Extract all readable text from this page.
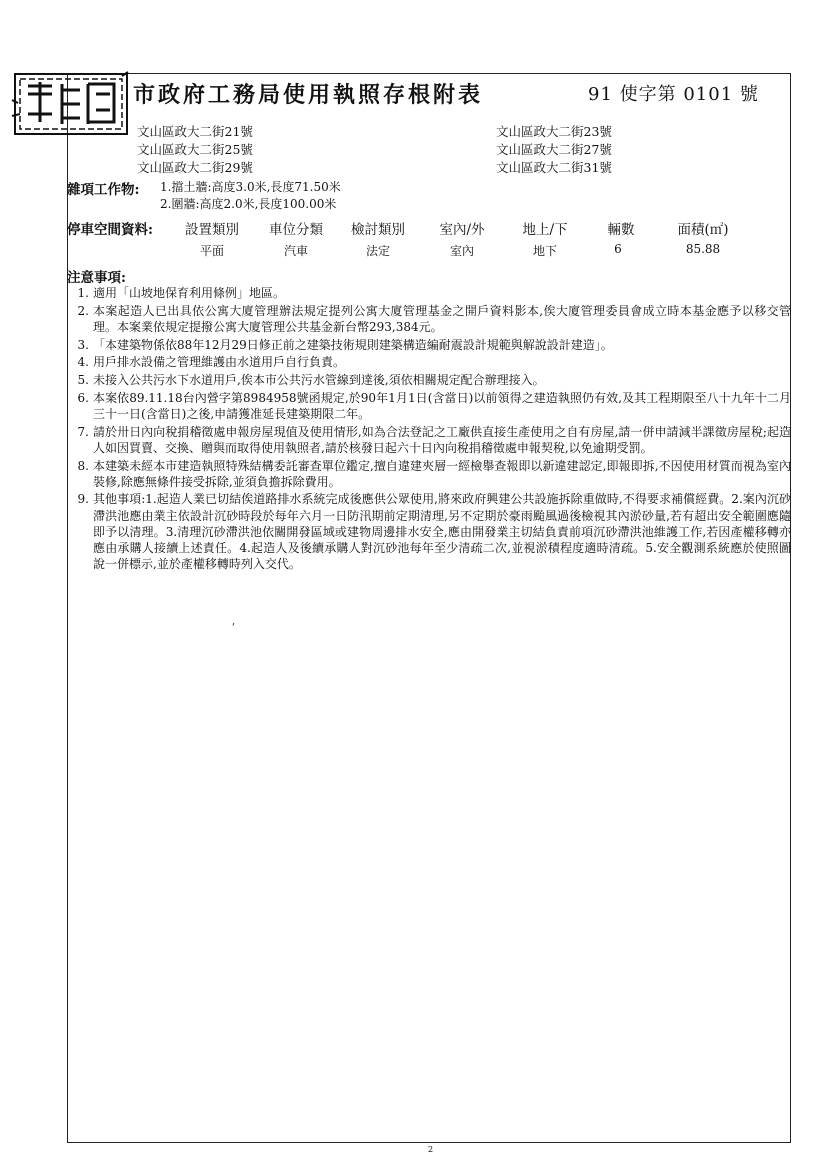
市政府工務局使用執照存根附表	91 使字第 0101 號
文山區政大二街21號
文山區政大二街25號
文山區政大二街29號
文山區政大二街23號
文山區政大二街27號
文山區政大二街31號
雜項工作物: 1.擋土牆:高度3.0米,長度71.50米
2.圍牆:高度2.0米,長度100.00米
停車空間資料: 設置類別 車位分類 檢討類別	室內/外	地上/下	輛數	面積(㎡)
平面	汽車	法定	室內	地下	6	85.88
注意事項:
1. 適用「山坡地保育利用條例」地區。
2. 本案起造人已出具依公寓大廈管理辦法規定提列公寓大廈管理基金之開戶資料影本,俟大廈管理委員會成立時本基金應予以移交管理。本案業依規定提撥公寓大廈管理公共基金新台幣293,384元。
3. 「本建築物係依88年12月29日修正前之建築技術規則建築構造編耐震設計規範與解說設計建造」。
4. 用戶排水設備之管理維護由水道用戶自行負責。
5. 未接入公共污水下水道用戶,俟本市公共污水管線到達後,須依相關規定配合辦理接入。
6. 本案依89.11.18台內營字第8984958號函規定,於90年1月1日(含當日)以前領得之建造執照仍有效,及其工程期限至八十九年十二月三十一日(含當日)之後,申請獲准延長建築期限二年。
7. 請於卅日內向稅捐稽徵處申報房屋現值及使用情形,如為合法登記之工廠供直接生產使用之自有房屋,請一併申請減半課徵房屋稅;起造人如因買賣、交換、贈與而取得使用執照者,請於核發日起六十日內向稅捐稽徵處申報契稅,以免逾期受罰。
8. 本建築未經本市建造執照特殊結構委託審查單位鑑定,擅自違建夾層一經檢舉查報即以新違建認定,即報即拆,不因使用材質而視為室內裝修,除應無條件接受拆除,並須負擔拆除費用。
9. 其他事項:1.起造人業已切結俟道路排水系統完成後應供公眾使用,將來政府興建公共設施拆除重做時,不得要求補償經費。2.案內沉砂滯洪池應由業主依設計沉砂時段於每年六月一日防汛期前定期清理,另不定期於豪雨颱風過後檢視其內淤砂量,若有超出安全範圍應隨即予以清理。3.清理沉砂滯洪池依關開發區域或建物周邊排水安全,應由開發業主切結負責前項沉砂滯洪池維護工作,若因產權移轉亦應由承購人接續上述責任。4.起造人及後續承購人對沉砂池每年至少清疏二次,並視淤積程度適時清疏。5.安全觀測系統應於使照圖說一併標示,並於產權移轉時列入交代。
,
2
